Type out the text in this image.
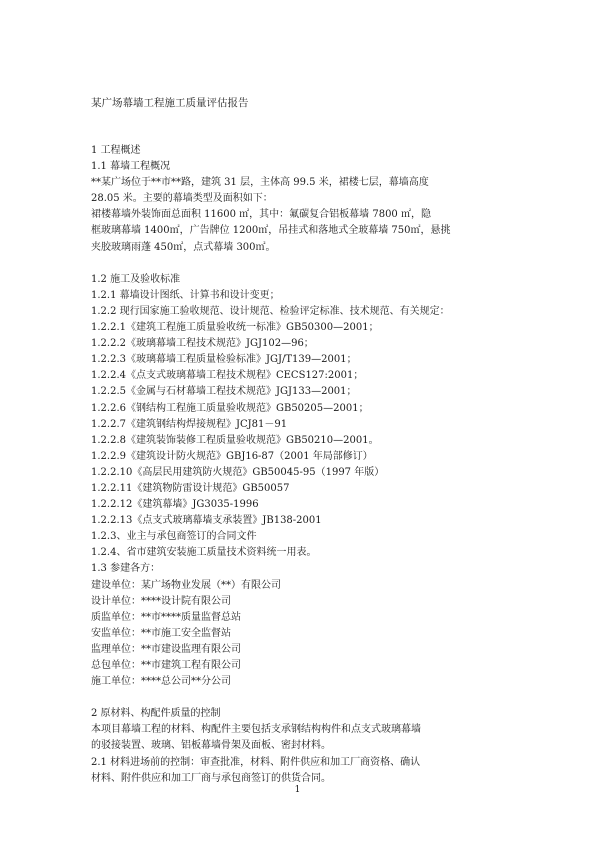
某广场幕墙工程施工质量评估报告
1 工程概述
1.1 幕墙工程概况
**某广场位于**市**路，建筑 31 层，主体高 99.5 米，裙楼七层，幕墙高度
28.05 米。主要的幕墙类型及面积如下：
裙楼幕墙外装饰面总面积 11600 ㎡，其中：氟碳复合铝板幕墙 7800 ㎡，隐
框玻璃幕墙 1400㎡，广告牌位 1200㎡，吊挂式和落地式全玻幕墙 750㎡，悬挑
夹胶玻璃雨蓬 450㎡，点式幕墙 300㎡。
1.2 施工及验收标准
1.2.1 幕墙设计图纸、计算书和设计变更；
1.2.2 现行国家施工验收规范、设计规范、检验评定标准、技术规范、有关规定：
1.2.2.1《建筑工程施工质量验收统一标准》GB50300—2001；
1.2.2.2《玻璃幕墙工程技术规范》JGJ102—96；
1.2.2.3《玻璃幕墙工程质量检验标准》JGJ/T139—2001；
1.2.2.4《点支式玻璃幕墙工程技术规程》CECS127:2001；
1.2.2.5《金属与石材幕墙工程技术规范》JGJ133—2001；
1.2.2.6《钢结构工程施工质量验收规范》GB50205—2001；
1.2.2.7《建筑钢结构焊接规程》JCJ81－91
1.2.2.8《建筑装饰装修工程质量验收规范》GB50210—2001。
1.2.2.9《建筑设计防火规范》GBJ16-87（2001 年局部修订）
1.2.2.10《高层民用建筑防火规范》GB50045-95（1997 年版）
1.2.2.11《建筑物防雷设计规范》GB50057
1.2.2.12《建筑幕墙》JG3035-1996
1.2.2.13《点支式玻璃幕墙支承装置》JB138-2001
1.2.3、业主与承包商签订的合同文件
1.2.4、省市建筑安装施工质量技术资料统一用表。
1.3 参建各方：
建设单位：某广场物业发展（**）有限公司
设计单位：****设计院有限公司
质监单位：**市****质量监督总站
安监单位：**市施工安全监督站
监理单位：**市建设监理有限公司
总包单位：**市建筑工程有限公司
施工单位：****总公司**分公司
2 原材料、构配件质量的控制
本项目幕墙工程的材料、构配件主要包括支承钢结构构件和点支式玻璃幕墙
的驳接装置、玻璃、铝板幕墙骨架及面板、密封材料。
2.1 材料进场前的控制：审查批准，材料、附件供应和加工厂商资格、确认
材料、附件供应和加工厂商与承包商签订的供货合同。
1
